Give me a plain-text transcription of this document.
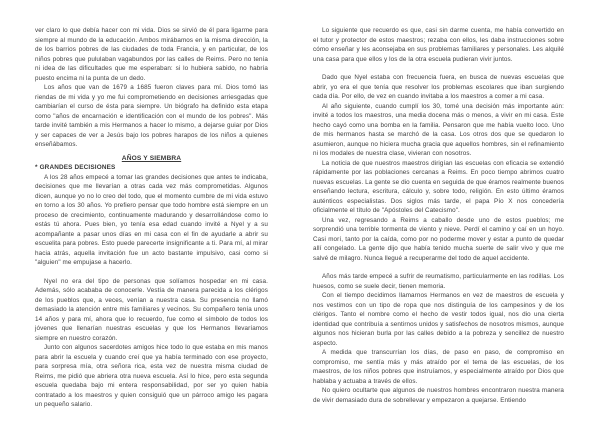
ver claro lo que debía hacer con mi vida. Dios se sirvió de él para ligarme para siempre al mundo de la educación. Ambos mirábamos en la misma dirección, la de los barrios pobres de las ciudades de toda Francia, y en particular, de los niños pobres que pululaban vagabundos por las calles de Reims. Pero no tenía ni idea de las dificultades que me esperaban: si lo hubiera sabido, no habría puesto encima ni la punta de un dedo.

Los años que van de 1679 a 1685 fueron claves para mí. Dios tomó las riendas de mi vida y yo me fui comprometiendo en decisiones arriesgadas que cambiarían el curso de ésta para siempre. Un biógrafo ha definido esta etapa como "años de encarnación e identificación con el mundo de los pobres". Más tarde invité también a mis Hermanos a hacer lo mismo, a dejarse guiar por Dios y ser capaces de ver a Jesús bajo los pobres harapos de los niños a quienes enseñábamos.

AÑOS Y SIEMBRA
* GRANDES DECISIONES

A los 28 años empecé a tomar las grandes decisiones que antes te indicaba, decisiones que me llevarían a otras cada vez más comprometidas. Algunos dicen, aunque yo no lo creo del todo, que el momento cumbre de mi vida estuvo en torno a los 30 años. Yo prefiero pensar que todo hombre está siempre en un proceso de crecimiento, continuamente madurando y desarrollándose como lo estás tú ahora. Pues bien, yo tenía esa edad cuando invité a Nyel y a su acompañante a pasar unos días en mi casa con el fin de ayudarle a abrir su escuelita para pobres. Esto puede parecerte insignificante a ti. Para mí, al mirar hacia atrás, aquella invitación fue un acto bastante impulsivo, casi como si "alguien" me empujase a hacerlo.

Nyel no era del tipo de personas que solíamos hospedar en mi casa. Además, sólo acababa de conocerle. Vestía de manera parecida a los clérigos de los pueblos que, a veces, venían a nuestra casa. Su presencia no llamó demasiado la atención entre mis familiares y vecinos. Su compañero tenía unos 14 años y para mí, ahora que lo recuerdo, fue como el símbolo de todos los jóvenes que llenarían nuestras escuelas y que los Hermanos llevaríamos siempre en nuestro corazón.

Junto con algunos sacerdotes amigos hice todo lo que estaba en mis manos para abrir la escuela y cuando creí que ya había terminado con ese proyecto, para sorpresa mía, otra señora rica, esta vez de nuestra misma ciudad de Reims, me pidió que abriera otra nueva escuela. Así lo hice, pero esta segunda escuela quedaba bajo mi entera responsabilidad, por ser yo quien había contratado a los maestros y quien consiguió que un párroco amigo les pagara un pequeño salario.

Lo siguiente que recuerdo es que, casi sin darme cuenta, me había convertido en el tutor y protector de estos maestros; rezaba con ellos, les daba instrucciones sobre cómo enseñar y les aconsejaba en sus problemas familiares y personales. Les alquilé una casa para que ellos y los de la otra escuela pudieran vivir juntos.

Dado que Nyel estaba con frecuencia fuera, en busca de nuevas escuelas que abrir, yo era el que tenía que resolver los problemas escolares que iban surgiendo cada día. Por ello, de vez en cuando invitaba a los maestros a comer a mi casa.

Al año siguiente, cuando cumplí los 30, tomé una decisión más importante aún: invité a todos los maestros, una media docena más o menos, a vivir en mi casa. Este hecho cayó como una bomba en la familia. Pensaron que me había vuelto loco. Uno de mis hermanos hasta se marchó de la casa. Los otros dos que se quedaron lo asumieron, aunque no hiciera mucha gracia que aquellos hombres, sin el refinamiento ni los modales de nuestra clase, vivieran con nosotros.

La noticia de que nuestros maestros dirigían las escuelas con eficacia se extendió rápidamente por las poblaciones cercanas a Reims. En poco tiempo abrimos cuatro nuevas escuelas. La gente se dio cuenta en seguida de que éramos realmente buenos enseñando lectura, escritura, cálculo y, sobre todo, religión. En esto último éramos auténticos especialistas. Dos siglos más tarde, el papa Pío X nos concedería oficialmente el título de "Apóstoles del Catecismo".

Una vez, regresando a Reims a caballo desde uno de estos pueblos; me sorprendió una terrible tormenta de viento y nieve. Perdí el camino y caí en un hoyo. Casi morí, tanto por la caída, como por no poderme mover y estar a punto de quedar allí congelado. La gente dijo que había tenido mucha suerte de salir vivo y que me salvé de milagro. Nunca llegué a recuperarme del todo de aquel accidente.

Años más tarde empecé a sufrir de reumatismo, particularmente en las rodillas. Los huesos, como se suele decir, tienen memoria.

Con el tiempo decidimos llamarnos Hermanos en vez de maestros de escuela y nos vestimos con un tipo de ropa que nos distinguía de los campesinos y de los clérigos. Tanto el nombre como el hecho de vestir todos igual, nos dio una cierta identidad que contribuía a sentirnos unidos y satisfechos de nosotros mismos, aunque algunos nos hicieran burla por las calles debido a la pobreza y sencillez de nuestro aspecto.

A medida que transcurrían los días, de paso en paso, de compromiso en compromiso, me sentía más y más atraído por el tema de las escuelas, de los maestros, de los niños pobres que instruíamos, y especialmente atraído por Dios que hablaba y actuaba a través de ellos.

No quiero ocultarte que algunos de nuestros hombres encontraron nuestra manera de vivir demasiado dura de sobrellevar y empezaron a quejarse. Entiendo
